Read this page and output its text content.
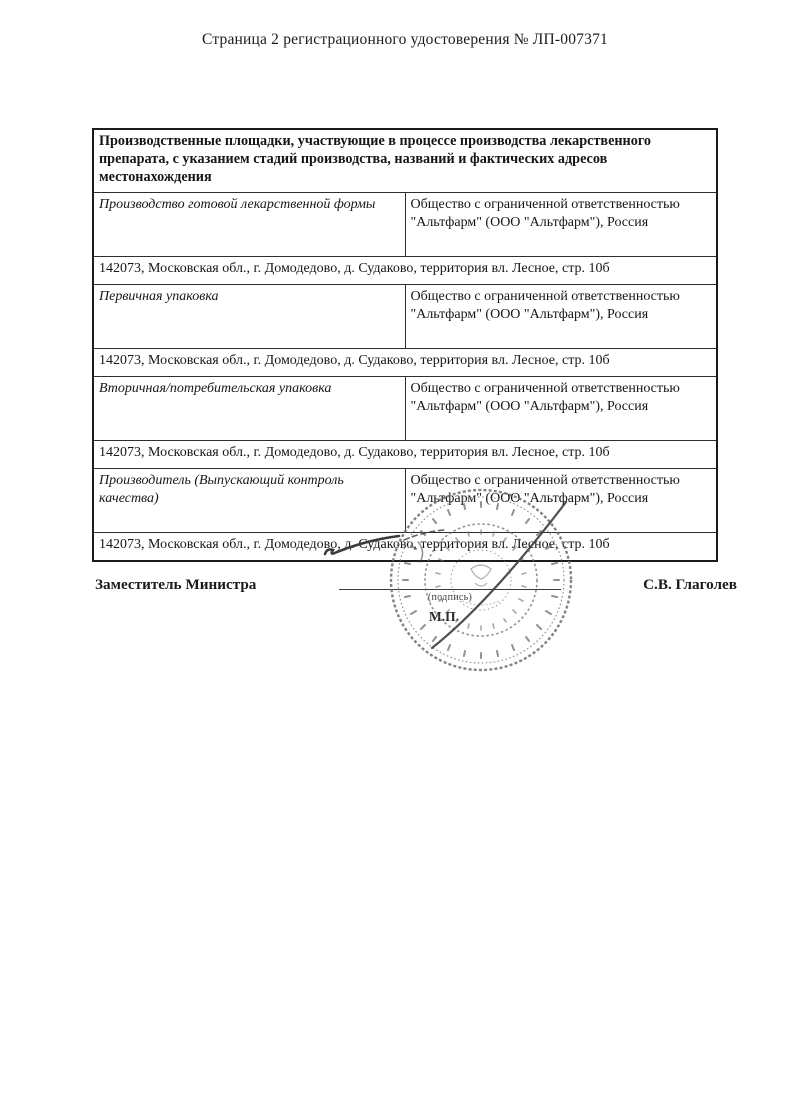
Страница 2 регистрационного удостоверения № ЛП-007371
Производственные площадки, участвующие в процессе производства лекарственного препарата, с указанием стадий производства, названий и фактических адресов местонахождения	
Производство готовой лекарственной формы	Общество с ограниченной ответственностью "Альтфарм" (ООО "Альтфарм"), Россия
142073, Московская обл., г. Домодедово, д. Судаково, территория вл. Лесное, стр. 10б	
Первичная упаковка	Общество с ограниченной ответственностью "Альтфарм" (ООО "Альтфарм"), Россия
142073, Московская обл., г. Домодедово, д. Судаково, территория вл. Лесное, стр. 10б	
Вторичная/потребительская упаковка	Общество с ограниченной ответственностью "Альтфарм" (ООО "Альтфарм"), Россия
142073, Московская обл., г. Домодедово, д. Судаково, территория вл. Лесное, стр. 10б	
Производитель (Выпускающий контроль качества)	Общество с ограниченной ответственностью "Альтфарм" (ООО "Альтфарм"), Россия
142073, Московская обл., г. Домодедово, д. Судаково, территория вл. Лесное, стр. 10б	
Заместитель Министра
(подпись)
М.П.
С.В. Глаголев
